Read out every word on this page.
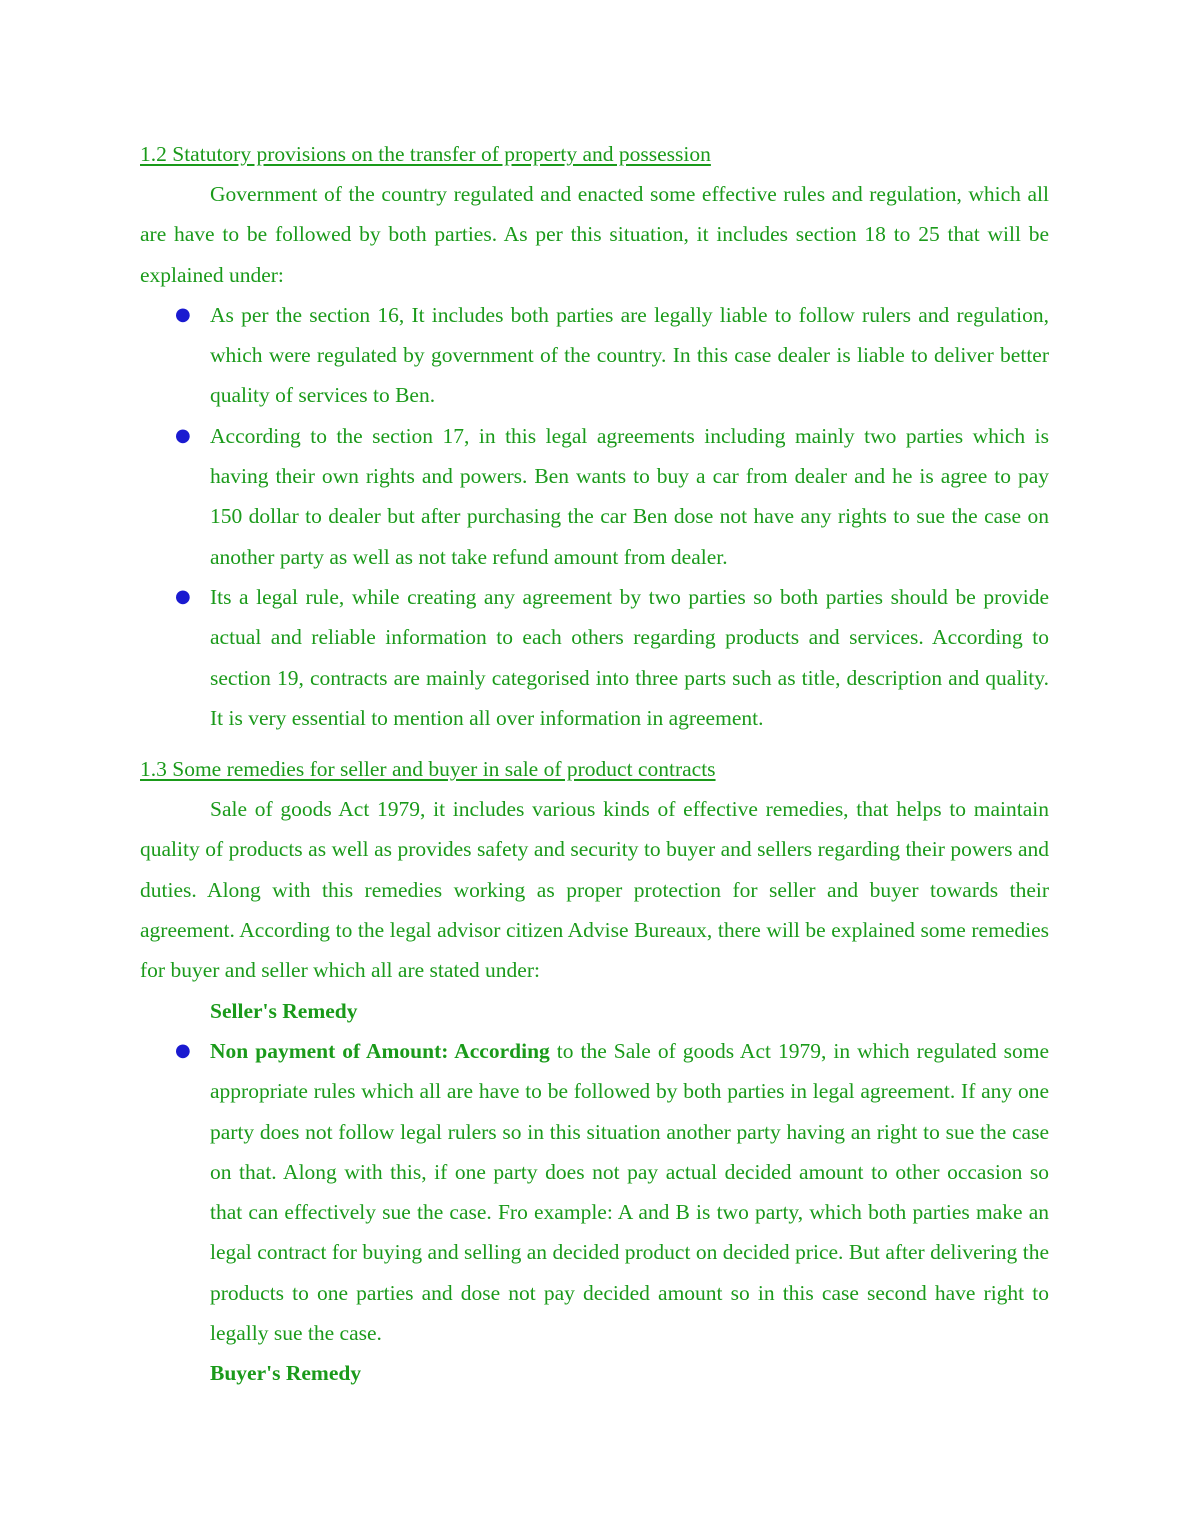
1.2 Statutory provisions on the transfer of property and possession

Government of the country regulated and enacted some effective rules and regulation, which all are have to be followed by both parties. As per this situation, it includes section 18 to 25 that will be explained under:

● As per the section 16, It includes both parties are legally liable to follow rulers and regulation, which were regulated by government of the country. In this case dealer is liable to deliver better quality of services to Ben.
● According to the section 17, in this legal agreements including mainly two parties which is having their own rights and powers. Ben wants to buy a car from dealer and he is agree to pay 150 dollar to dealer but after purchasing the car Ben dose not have any rights to sue the case on another party as well as not take refund amount from dealer.
● Its a legal rule, while creating any agreement by two parties so both parties should be provide actual and reliable information to each others regarding products and services. According to section 19, contracts are mainly categorised into three parts such as title, description and quality. It is very essential to mention all over information in agreement.
1.3 Some remedies for seller and buyer in sale of product contracts

Sale of goods Act 1979, it includes various kinds of effective remedies, that helps to maintain quality of products as well as provides safety and security to buyer and sellers regarding their powers and duties. Along with this remedies working as proper protection for seller and buyer towards their agreement. According to the legal advisor citizen Advise Bureaux, there will be explained some remedies for buyer and seller which all are stated under:

Seller's Remedy

● Non payment of Amount: According to the Sale of goods Act 1979, in which regulated some appropriate rules which all are have to be followed by both parties in legal agreement. If any one party does not follow legal rulers so in this situation another party having an right to sue the case on that. Along with this, if one party does not pay actual decided amount to other occasion so that can effectively sue the case. Fro example: A and B is two party, which both parties make an legal contract for buying and selling an decided product on decided price. But after delivering the products to one parties and dose not pay decided amount so in this case second have right to legally sue the case.

Buyer's Remedy
